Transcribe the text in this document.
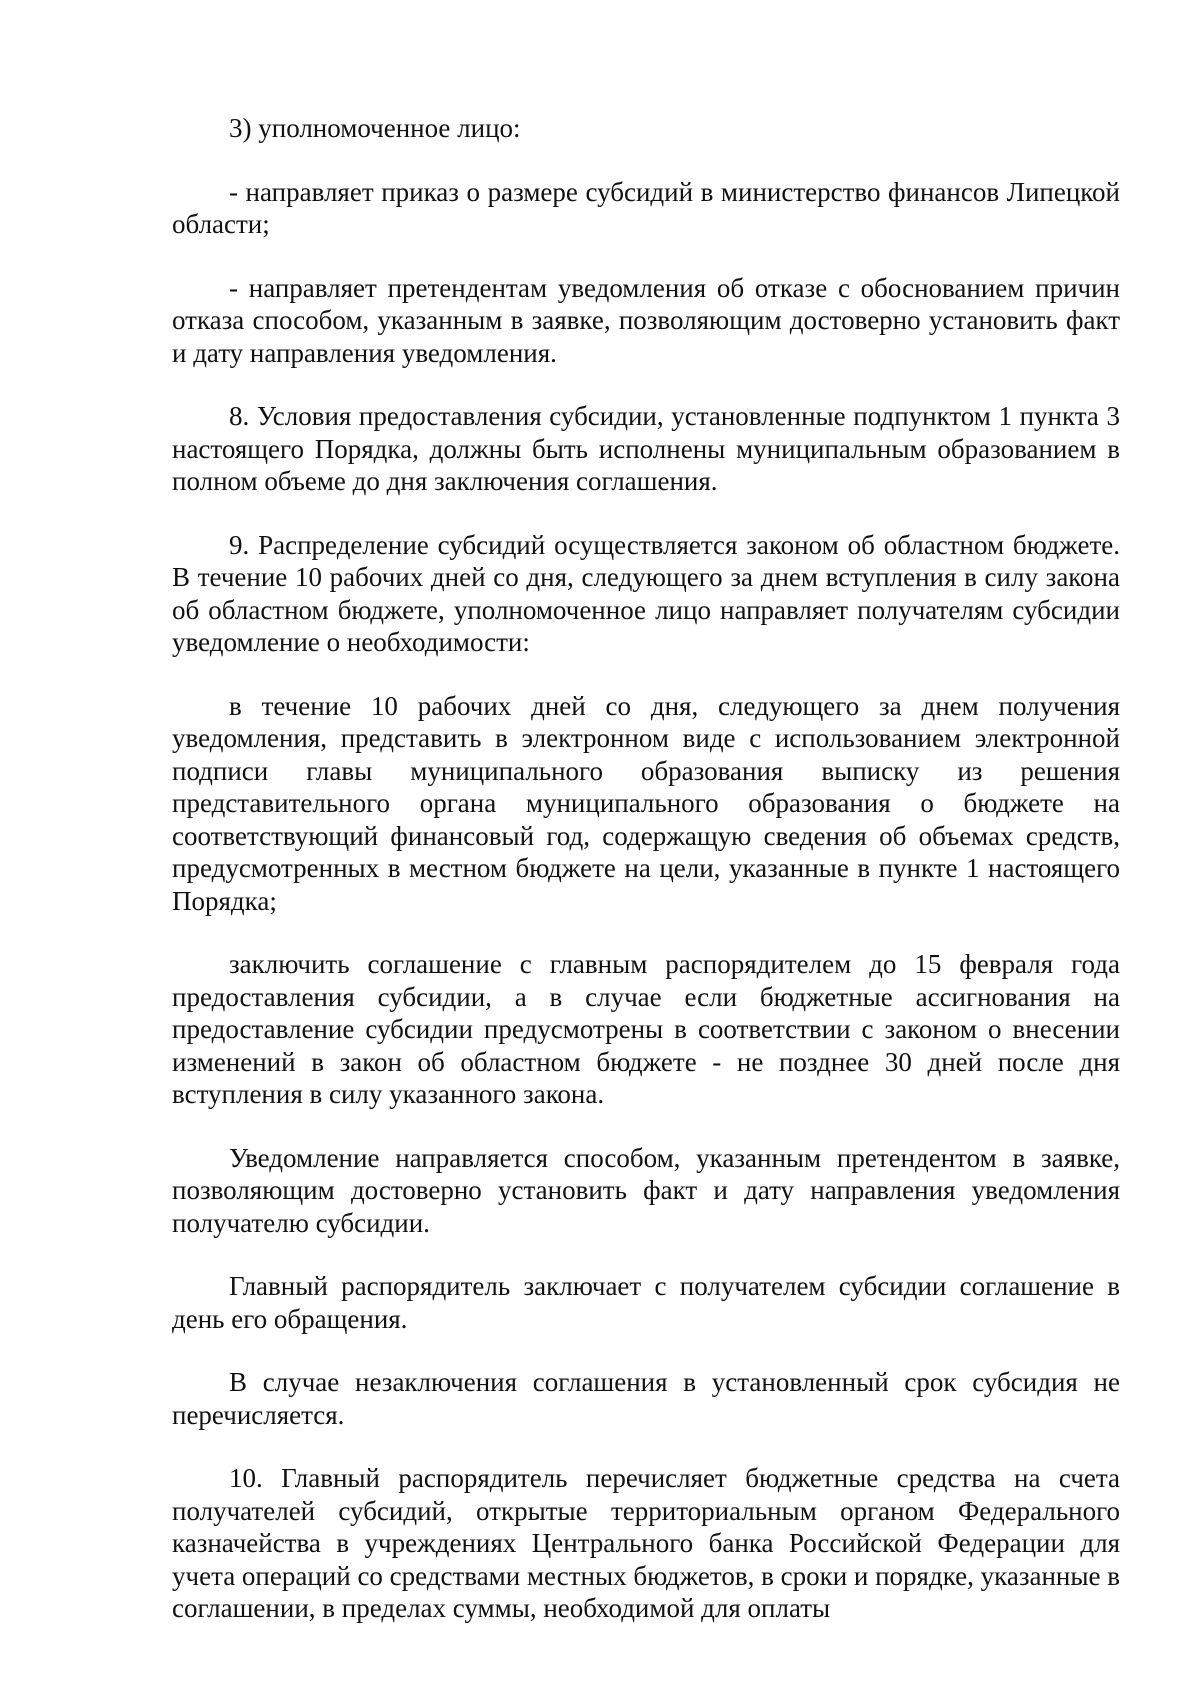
3) уполномоченное лицо:

- направляет приказ о размере субсидий в министерство финансов Липецкой области;

- направляет претендентам уведомления об отказе с обоснованием причин отказа способом, указанным в заявке, позволяющим достоверно установить факт и дату направления уведомления.

8. Условия предоставления субсидии, установленные подпунктом 1 пункта 3 настоящего Порядка, должны быть исполнены муниципальным образованием в полном объеме до дня заключения соглашения.

9. Распределение субсидий осуществляется законом об областном бюджете. В течение 10 рабочих дней со дня, следующего за днем вступления в силу закона об областном бюджете, уполномоченное лицо направляет получателям субсидии уведомление о необходимости:

в течение 10 рабочих дней со дня, следующего за днем получения уведомления, представить в электронном виде с использованием электронной подписи главы муниципального образования выписку из решения представительного органа муниципального образования о бюджете на соответствующий финансовый год, содержащую сведения об объемах средств, предусмотренных в местном бюджете на цели, указанные в пункте 1 настоящего Порядка;

заключить соглашение с главным распорядителем до 15 февраля года предоставления субсидии, а в случае если бюджетные ассигнования на предоставление субсидии предусмотрены в соответствии с законом о внесении изменений в закон об областном бюджете - не позднее 30 дней после дня вступления в силу указанного закона.

Уведомление направляется способом, указанным претендентом в заявке, позволяющим достоверно установить факт и дату направления уведомления получателю субсидии.

Главный распорядитель заключает с получателем субсидии соглашение в день его обращения.

В случае незаключения соглашения в установленный срок субсидия не перечисляется.

10. Главный распорядитель перечисляет бюджетные средства на счета получателей субсидий, открытые территориальным органом Федерального казначейства в учреждениях Центрального банка Российской Федерации для учета операций со средствами местных бюджетов, в сроки и порядке, указанные в соглашении, в пределах суммы, необходимой для оплаты
